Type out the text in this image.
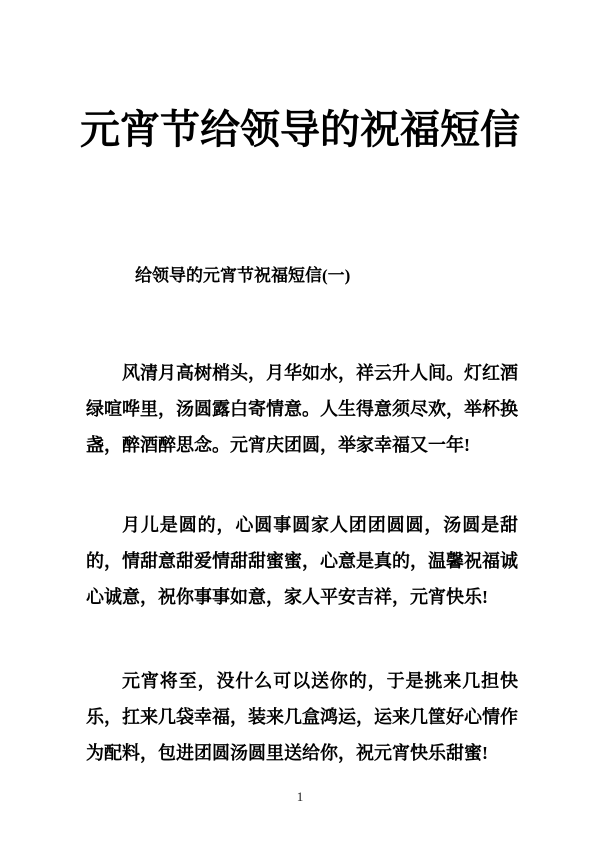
元宵节给领导的祝福短信
给领导的元宵节祝福短信(一)

风清月高树梢头，月华如水，祥云升人间。灯红酒绿喧哗里，汤圆露白寄情意。人生得意须尽欢，举杯换盏，醉酒醉思念。元宵庆团圆，举家幸福又一年!

月儿是圆的，心圆事圆家人团团圆圆，汤圆是甜的，情甜意甜爱情甜甜蜜蜜，心意是真的，温馨祝福诚心诚意，祝你事事如意，家人平安吉祥，元宵快乐!

元宵将至，没什么可以送你的，于是挑来几担快乐，扛来几袋幸福，装来几盒鸿运，运来几筐好心情作为配料，包进团圆汤圆里送给你，祝元宵快乐甜蜜!

1
